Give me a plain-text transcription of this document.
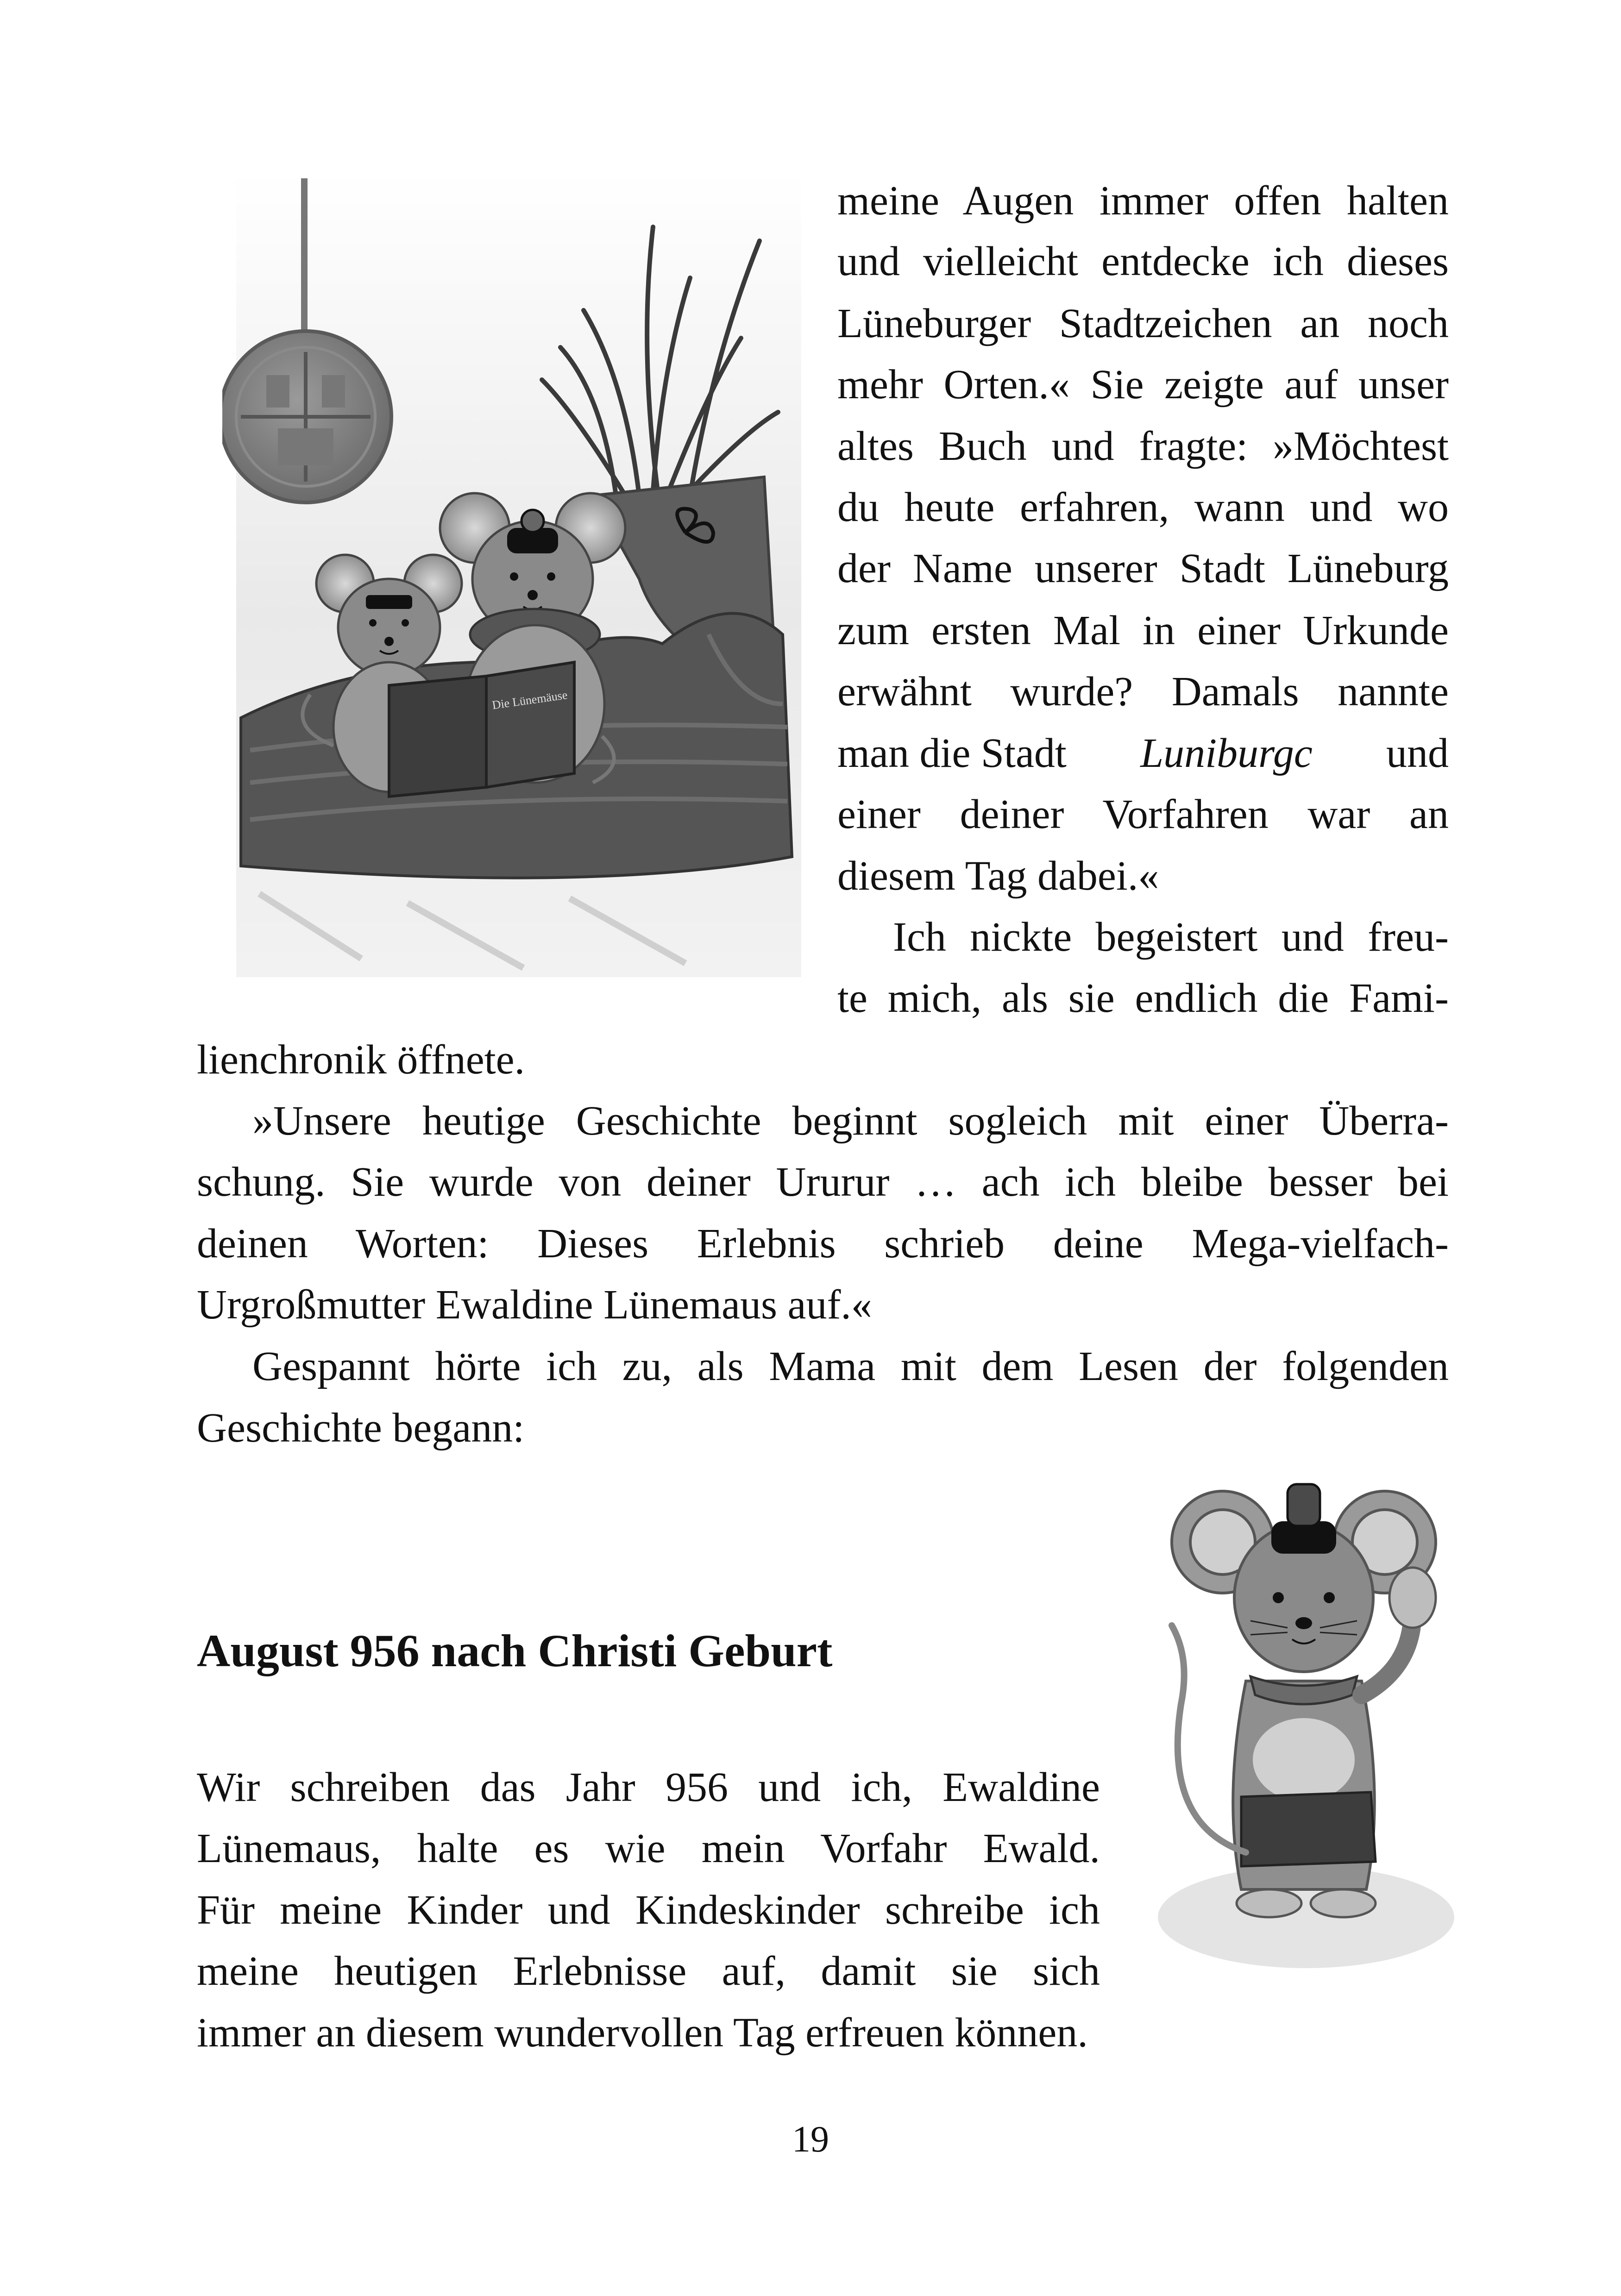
Die Lünemäuse
meine Augen immer offen halten
und vielleicht entdecke ich dieses
Lüneburger Stadtzeichen an noch
mehr Orten.« Sie zeigte auf unser
altes Buch und fragte: »Möchtest
du heute erfahren, wann und wo
der Name unserer Stadt Lüneburg
zum ersten Mal in einer Urkunde
erwähnt wurde? Damals nannte
man die Stadt Luniburgc und
einer deiner Vorfahren war an
diesem Tag dabei.«
Ich nickte begeistert und freu-
te mich, als sie endlich die Fami-
lienchronik öffnete.
»Unsere heutige Geschichte beginnt sogleich mit einer Überra-
schung. Sie wurde von deiner Ururur … ach ich bleibe besser bei
deinen Worten: Dieses Erlebnis schrieb deine Mega-vielfach-
Urgroßmutter Ewaldine Lünemaus auf.«
Gespannt hörte ich zu, als Mama mit dem Lesen der folgenden
Geschichte begann:
August 956 nach Christi Geburt
Wir schreiben das Jahr 956 und ich, Ewaldine
Lünemaus, halte es wie mein Vorfahr Ewald.
Für meine Kinder und Kindeskinder schreibe ich
meine heutigen Erlebnisse auf, damit sie sich
immer an diesem wundervollen Tag erfreuen können.
19
